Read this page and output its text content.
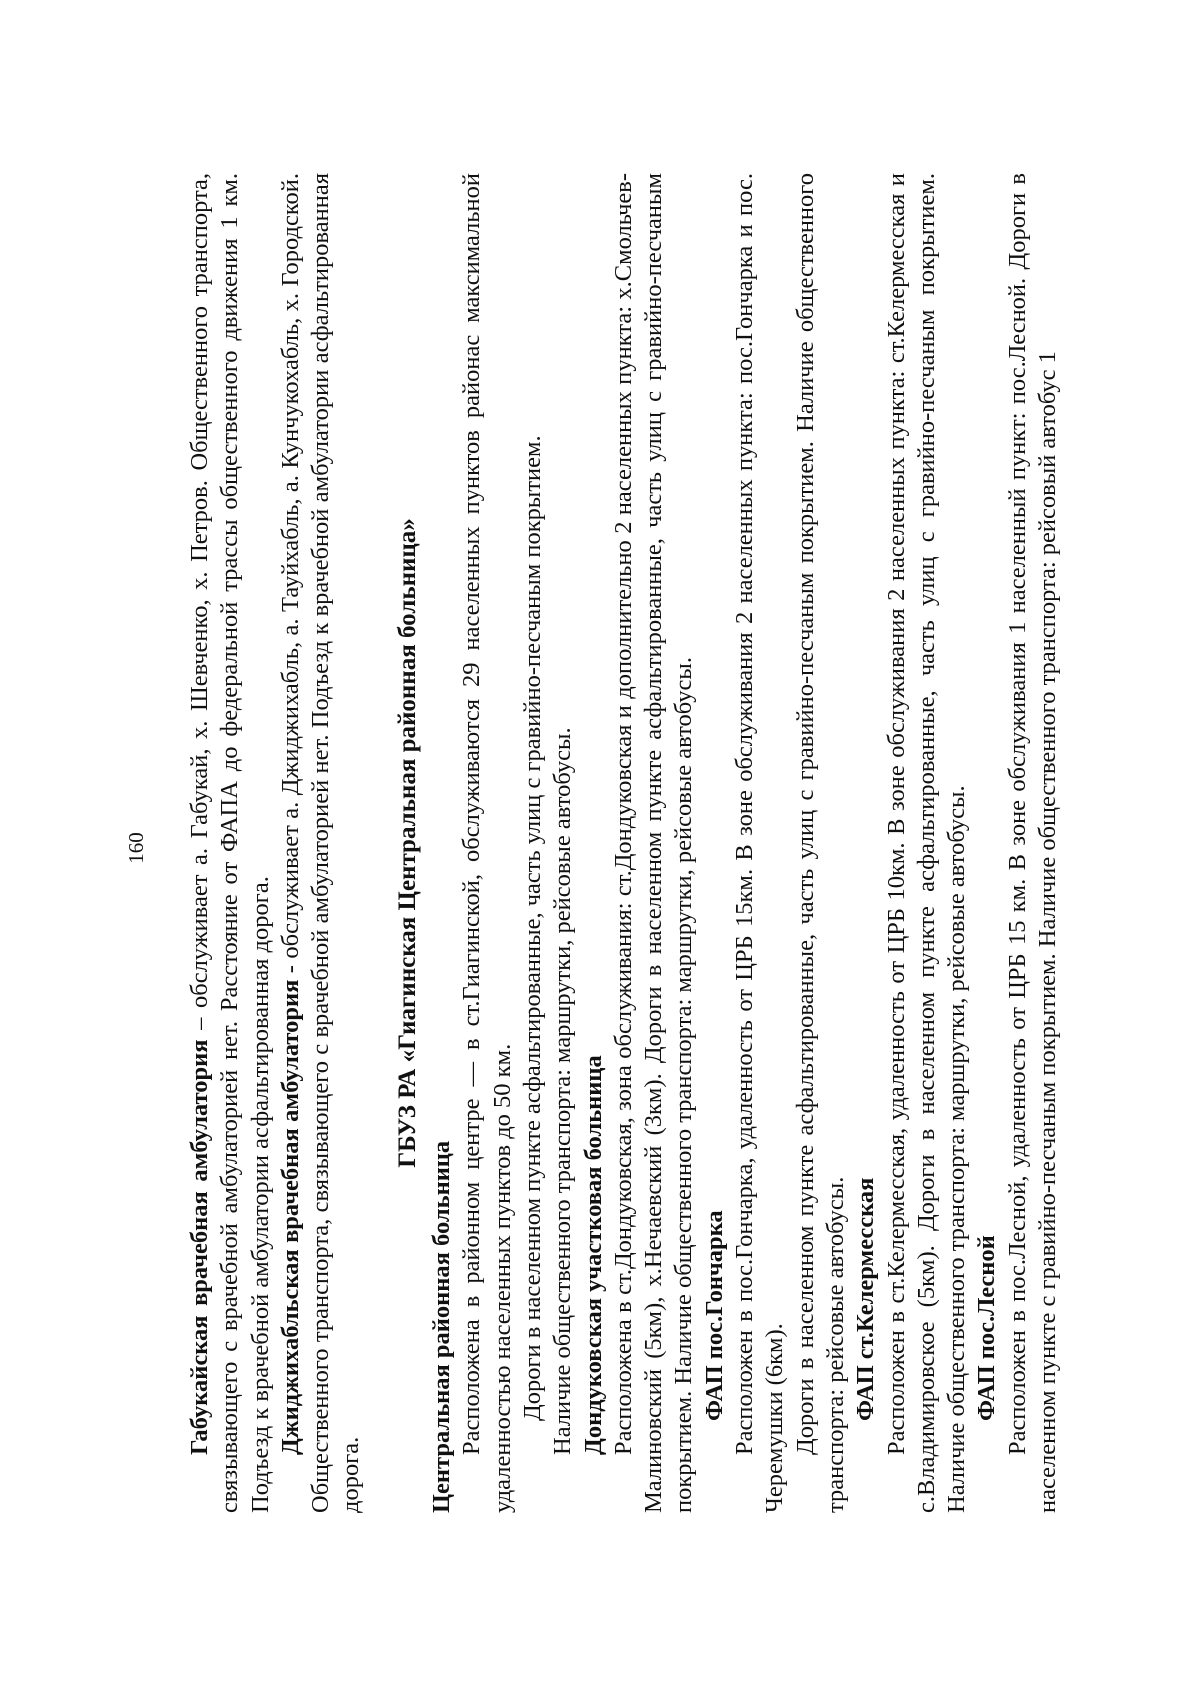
160

Габукайская врачебная амбулатория – обслуживает а. Габукай, х. Шевченко, х. Петров. Общественного транспорта, связывающего с врачебной амбулаторией нет. Расстояние от ФАПА до федеральной трассы общественного движения 1 км. Подъезд к врачебной амбулатории асфальтированная дорога. Джиджихабльская врачебная амбулатория - обслуживает а. Джиджихабль, а. Тауйхабль, а. Кунчукохабль, х. Городской. Общественного транспорта, связывающего с врачебной амбулаторией нет. Подъезд к врачебной амбулатории асфальтированная дорога.

ГБУЗ РА «Гиагинская Центральная районная больница»

Центральная районная больница Расположена в районном центре — в ст.Гиагинской, обслуживаются 29 населенных пунктов районас максимальной удаленностью населенных пунктов до 50 км. Дороги в населенном пункте асфальтированные, часть улиц с гравийно-песчаным покрытием. Наличие общественного транспорта: маршрутки, рейсовые автобусы. Дондуковская участковая больница Расположена в ст.Дондуковская, зона обслуживания: ст.Дондуковская и дополнительно 2 населенных пункта: х.Смольчев-Малиновский (5км), х.Нечаевский (3км). Дороги в населенном пункте асфальтированные, часть улиц с гравийно-песчаным покрытием. Наличие общественного транспорта: маршрутки, рейсовые автобусы. ФАП пос.Гончарка Расположен в пос.Гончарка, удаленность от ЦРБ 15км. В зоне обслуживания 2 населенных пункта: пос.Гончарка и пос. Черемушки (6км). Дороги в населенном пункте асфальтированные, часть улиц с гравийно-песчаным покрытием. Наличие общественного транспорта: рейсовые автобусы. ФАП ст.Келермесская Расположен в ст.Келермесская, удаленность от ЦРБ 10км. В зоне обслуживания 2 населенных пункта: ст.Келермесская и с.Владимировское (5км). Дороги в населенном пункте асфальтированные, часть улиц с гравийно-песчаным покрытием. Наличие общественного транспорта: маршрутки, рейсовые автобусы. ФАП пос.Лесной Расположен в пос.Лесной, удаленность от ЦРБ 15 км. В зоне обслуживания 1 населенный пункт: пос.Лесной. Дороги в населенном пункте с гравийно-песчаным покрытием. Наличие общественного транспорта: рейсовый автобус 1
